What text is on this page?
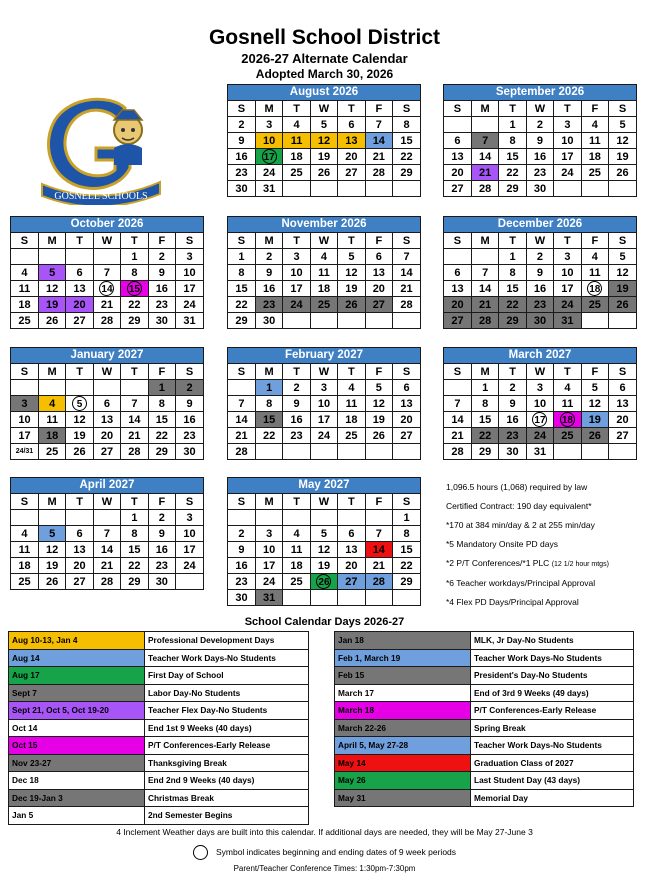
Gosnell School District
2026-27 Alternate Calendar
Adopted March 30, 2026
GOSNELL SCHOOLS
August 2026
S	M	T	W	T	F	S
2	3	4	5	6	7	8
9	10	11	12	13	14	15
16	17	18	19	20	21	22
23	24	25	26	27	28	29
30	31					
September 2026
S	M	T	W	T	F	S
		1	2	3	4	5
6	7	8	9	10	11	12
13	14	15	16	17	18	19
20	21	22	23	24	25	26
27	28	29	30			
October 2026
S	M	T	W	T	F	S
				1	2	3
4	5	6	7	8	9	10
11	12	13	14	15	16	17
18	19	20	21	22	23	24
25	26	27	28	29	30	31
November 2026
S	M	T	W	T	F	S
1	2	3	4	5	6	7
8	9	10	11	12	13	14
15	16	17	18	19	20	21
22	23	24	25	26	27	28
29	30					
December 2026
S	M	T	W	T	F	S
		1	2	3	4	5
6	7	8	9	10	11	12
13	14	15	16	17	18	19
20	21	22	23	24	25	26
27	28	29	30	31		
January 2027
S	M	T	W	T	F	S
					1	2
3	4	5	6	7	8	9
10	11	12	13	14	15	16
17	18	19	20	21	22	23
24/31	25	26	27	28	29	30
February 2027
S	M	T	W	T	F	S
	1	2	3	4	5	6
7	8	9	10	11	12	13
14	15	16	17	18	19	20
21	22	23	24	25	26	27
28						
March 2027
S	M	T	W	T	F	S
	1	2	3	4	5	6
7	8	9	10	11	12	13
14	15	16	17	18	19	20
21	22	23	24	25	26	27
28	29	30	31			
April 2027
S	M	T	W	T	F	S
				1	2	3
4	5	6	7	8	9	10
11	12	13	14	15	16	17
18	19	20	21	22	23	24
25	26	27	28	29	30	
May 2027
S	M	T	W	T	F	S
						1
2	3	4	5	6	7	8
9	10	11	12	13	14	15
16	17	18	19	20	21	22
23	24	25	26	27	28	29
30	31					
1,096.5 hours (1,068) required by law
Certified Contract: 190 day equivalent*
*170 at 384 min/day & 2 at 255 min/day
*5 Mandatory Onsite PD days
*2 P/T Conferences/*1 PLC (12 1/2 hour mtgs)
*6 Teacher workdays/Principal Approval
*4 Flex PD Days/Principal Approval
School Calendar Days 2026-27
Aug 10-13, Jan 4	Professional Development Days
Aug 14	Teacher Work Days-No Students
Aug 17	First Day of School
Sept 7	Labor Day-No Students
Sept 21, Oct 5, Oct 19-20	Teacher Flex Day-No Students
Oct 14	End 1st 9 Weeks (40 days)
Oct 15	P/T Conferences-Early Release
Nov 23-27	Thanksgiving Break
Dec 18	End 2nd 9 Weeks (40 days)
Dec 19-Jan 3	Christmas Break
Jan 5	2nd Semester Begins
Jan 18	MLK, Jr Day-No Students
Feb 1, March 19	Teacher Work Days-No Students
Feb 15	President's Day-No Students
March 17	End of 3rd 9 Weeks (49 days)
March 18	P/T Conferences-Early Release
March 22-26	Spring Break
April 5, May 27-28	Teacher Work Days-No Students
May 14	Graduation Class of 2027
May 26	Last Student Day (43 days)
May 31	Memorial Day
4 Inclement Weather days are built into this calendar. If additional days are needed, they will be May 27-June 3
Symbol indicates beginning and ending dates of 9 week periods
Parent/Teacher Conference Times: 1:30pm-7:30pm
